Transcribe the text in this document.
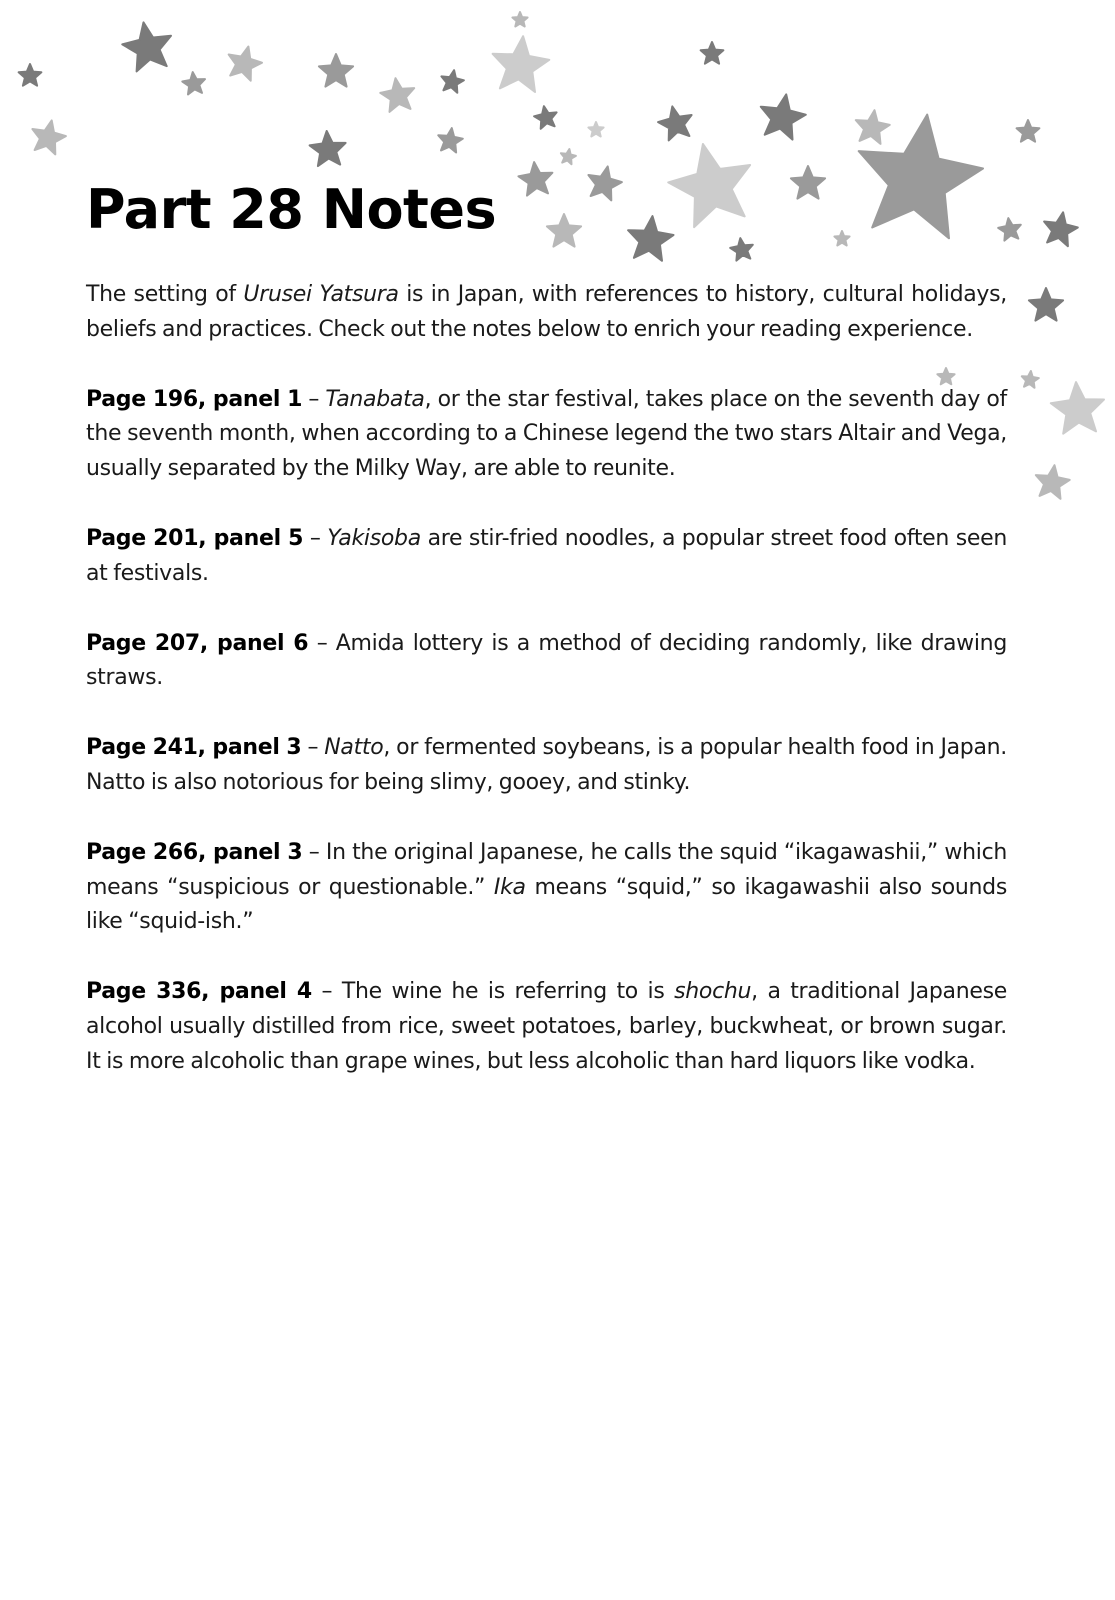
Part 28 Notes

The setting of Urusei Yatsura is in Japan, with references to history, cultural holidays, beliefs and practices. Check out the notes below to enrich your reading experience.

Page 196, panel 1 – Tanabata, or the star festival, takes place on the seventh day of the seventh month, when according to a Chinese legend the two stars Altair and Vega, usually separated by the Milky Way, are able to reunite.

Page 201, panel 5 – Yakisoba are stir-fried noodles, a popular street food often seen at festivals.

Page 207, panel 6 – Amida lottery is a method of deciding randomly, like drawing straws.

Page 241, panel 3 – Natto, or fermented soybeans, is a popular health food in Japan. Natto is also notorious for being slimy, gooey, and stinky.

Page 266, panel 3 – In the original Japanese, he calls the squid “ikagawashii,” which means “suspicious or questionable.” Ika means “squid,” so ikagawashii also sounds like “squid-ish.”

Page 336, panel 4 – The wine he is referring to is shochu, a traditional Japanese alcohol usually distilled from rice, sweet potatoes, barley, buckwheat, or brown sugar. It is more alcoholic than grape wines, but less alcoholic than hard liquors like vodka.
